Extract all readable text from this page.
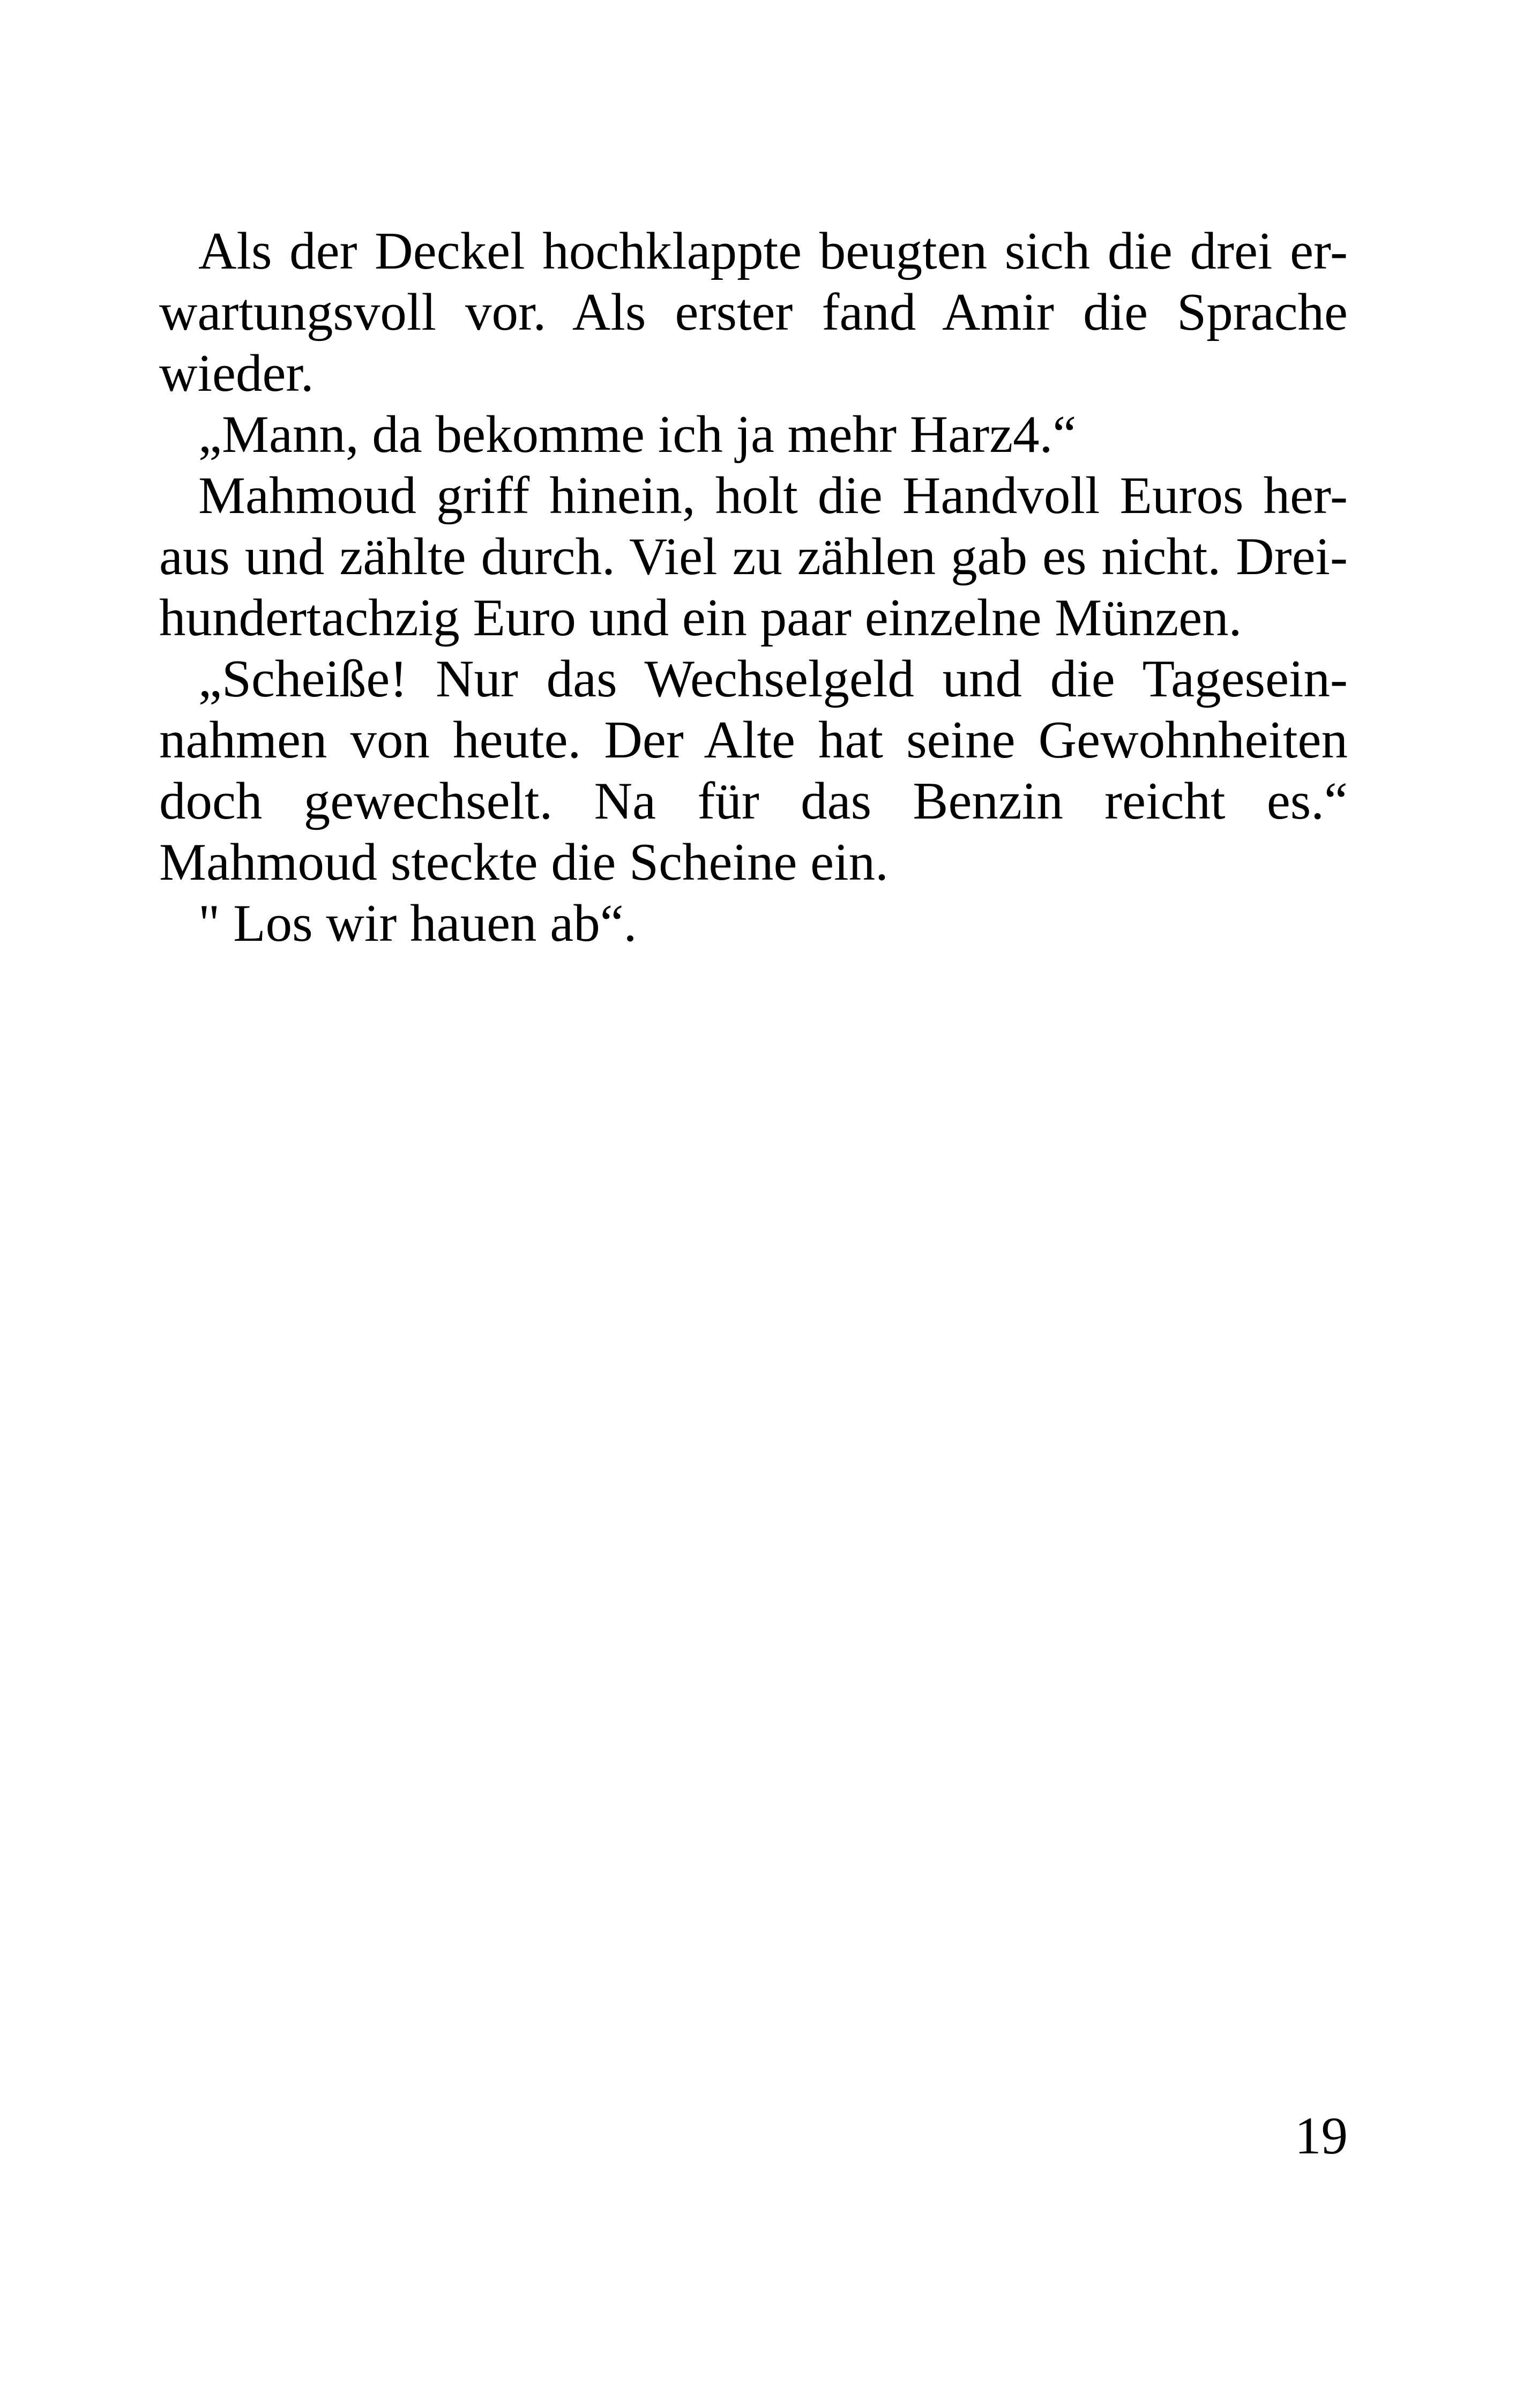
Als der Deckel hochklappte beugten sich die drei er-
wartungsvoll vor. Als erster fand Amir die Sprache
wieder.
„Mann, da bekomme ich ja mehr Harz4.“
Mahmoud griff hinein, holt die Handvoll Euros her-
aus und zählte durch. Viel zu zählen gab es nicht. Drei-
hundertachzig Euro und ein paar einzelne Münzen.
„Scheiße! Nur das Wechselgeld und die Tagesein-
nahmen von heute. Der Alte hat seine Gewohnheiten
doch gewechselt. Na für das Benzin reicht es.“
Mahmoud steckte die Scheine ein.
" Los wir hauen ab“.
19
